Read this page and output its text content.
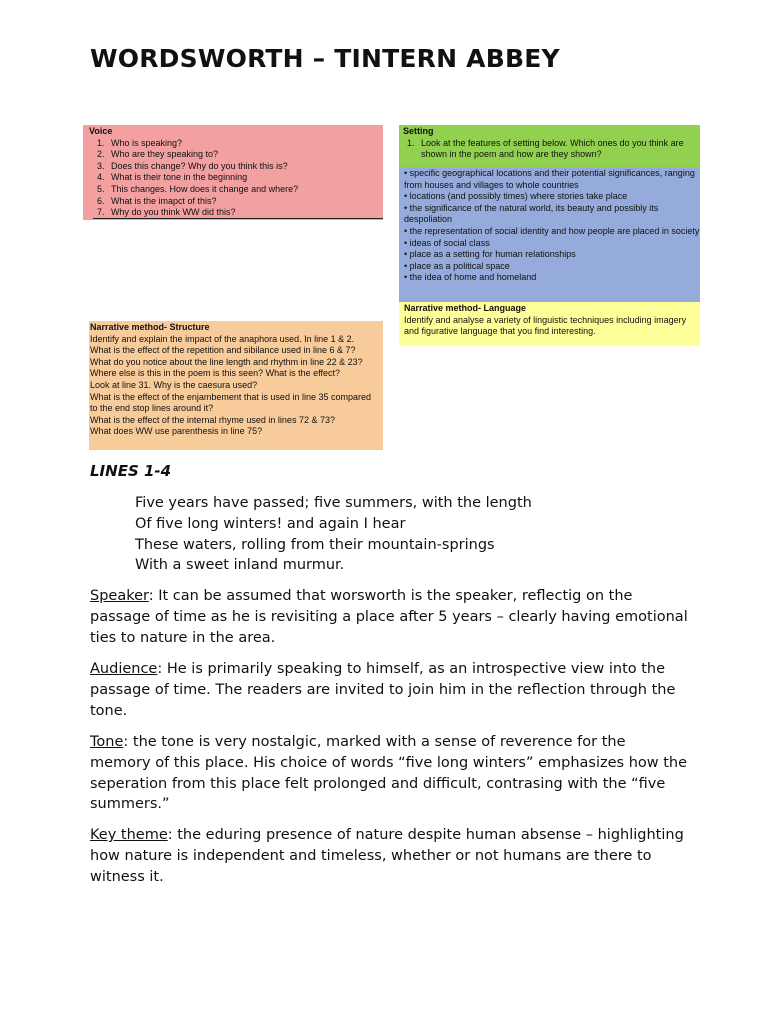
WORDSWORTH – TINTERN ABBEY
Voice
1. Who is speaking?
2. Who are they speaking to?
3. Does this change? Why do you think this is?
4. What is their tone in the beginning
5. This changes. How does it change and where?
6. What is the imapct of this?
7. Why do you think WW did this?
Setting
1. Look at the features of setting below. Which ones do you think are shown in the poem and how are they shown?
• specific geographical locations and their potential significances, ranging from houses and villages to whole countries
• locations (and possibly times) where stories take place
• the significance of the natural world, its beauty and possibly its despoliation
• the representation of social identity and how people are placed in society
• ideas of social class
• place as a setting for human relationships
• place as a political space
• the idea of home and homeland
Narrative method- Language

Identify and analyse a variety of linguistic techniques including imagery and figurative language that you find interesting.

Narrative method- Structure
Identify and explain the impact of the anaphora used. In line 1 & 2.
What is the effect of the repetition and sibilance used in line 6 & 7?
What do you notice about the line length and rhythm in line 22 & 23?
Where else is this in the poem is this seen? What is the effect?
Look at line 31. Why is the caesura used?
What is the effect of the enjambement that is used in line 35 compared
to the end stop lines around it?
What is the effect of the internal rhyme used in lines 72 & 73?
What does WW use parenthesis in line 75?
LINES 1-4
Five years have passed; five summers, with the length
Of five long winters! and again I hear
These waters, rolling from their mountain-springs
With a sweet inland murmur.

Speaker: It can be assumed that worsworth is the speaker, reflectig on the passage of time as he is revisiting a place after 5 years – clearly having emotional ties to nature in the area.

Audience: He is primarily speaking to himself, as an introspective view into the passage of time. The readers are invited to join him in the reflection through the tone.

Tone: the tone is very nostalgic, marked with a sense of reverence for the memory of this place. His choice of words “five long winters” emphasizes how the seperation from this place felt prolonged and difficult, contrasing with the “five summers.”

Key theme: the eduring presence of nature despite human absense – highlighting how nature is independent and timeless, whether or not humans are there to witness it.
